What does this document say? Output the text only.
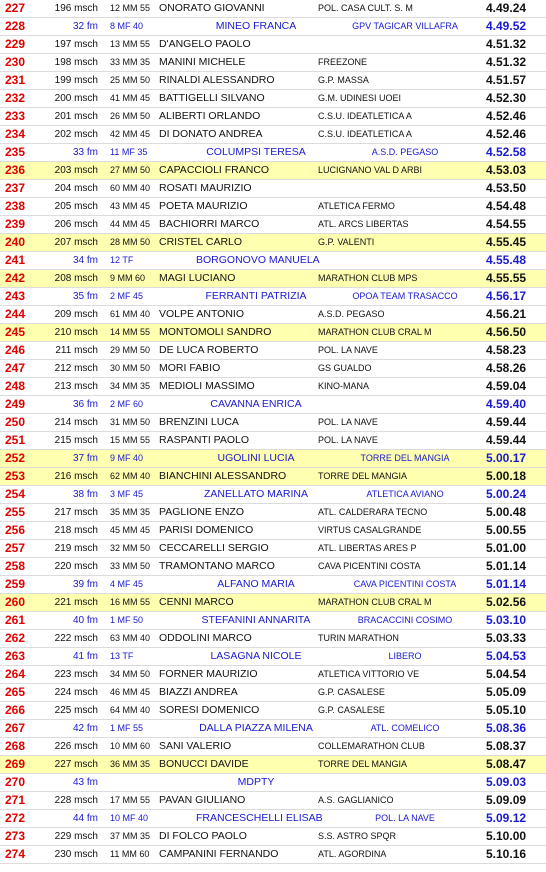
227	196 msch 12 MM 55 ONORATO GIOVANNI	POL. CASA CULT. S. M	4.49.24
228	32 fm 8 MF 40	MINEO FRANCA	GPV TAGICAR VILLAFRA	4.49.52
229	197 msch 13 MM 55 D'ANGELO PAOLO	4.51.32
230	198 msch 33 MM 35 MANINI MICHELE	FREEZONE	4.51.32
231	199 msch 25 MM 50 RINALDI ALESSANDRO	G.P. MASSA	4.51.57
232	200 msch 41 MM 45 BATTIGELLI SILVANO	G.M. UDINESI UOEI	4.52.30
233	201 msch 26 MM 50 ALIBERTI ORLANDO	C.S.U. IDEATLETICA A	4.52.46
234	202 msch 42 MM 45 DI DONATO ANDREA	C.S.U. IDEATLETICA A	4.52.46
235	33 fm 11 MF 35	COLUMPSI TERESA	A.S.D. PEGASO	4.52.58
236	203 msch 27 MM 50 CAPACCIOLI FRANCO	LUCIGNANO VAL D ARBI	4.53.03
237	204 msch 60 MM 40 ROSATI MAURIZIO	4.53.50
238	205 msch 43 MM 45 POETA MAURIZIO	ATLETICA FERMO	4.54.48
239	206 msch 44 MM 45 BACHIORRI MARCO	ATL. ARCS LIBERTAS	4.54.55
240	207 msch 28 MM 50 CRISTEL CARLO	G.P. VALENTI	4.55.45
241	34 fm 12 TF	BORGONOVO MANUELA	4.55.48
242	208 msch 9 MM 60	MAGI LUCIANO	MARATHON CLUB MPS	4.55.55
243	35 fm 2 MF 45	FERRANTI PATRIZIA	OPOA TEAM TRASACCO	4.56.17
244	209 msch 61 MM 40 VOLPE ANTONIO	A.S.D. PEGASO	4.56.21
245	210 msch 14 MM 55 MONTOMOLI SANDRO	MARATHON CLUB CRAL M	4.56.50
246	211 msch 29 MM 50 DE LUCA ROBERTO	POL. LA NAVE	4.58.23
247	212 msch 30 MM 50 MORI FABIO	GS GUALDO	4.58.26
248	213 msch 34 MM 35 MEDIOLI MASSIMO	KINO-MANA	4.59.04
249	36 fm 2 MF 60	CAVANNA ENRICA	4.59.40
250	214 msch 31 MM 50 BRENZINI LUCA	POL. LA NAVE	4.59.44
251	215 msch 15 MM 55 RASPANTI PAOLO	POL. LA NAVE	4.59.44
252	37 fm 9 MF 40	UGOLINI LUCIA	TORRE DEL MANGIA	5.00.17
253	216 msch 62 MM 40 BIANCHINI ALESSANDRO	TORRE DEL MANGIA	5.00.18
254	38 fm 3 MF 45	ZANELLATO MARINA	ATLETICA AVIANO	5.00.24
255	217 msch 35 MM 35 PAGLIONE ENZO	ATL. CALDERARA TECNO	5.00.48
256	218 msch 45 MM 45 PARISI DOMENICO	VIRTUS CASALGRANDE	5.00.55
257	219 msch 32 MM 50 CECCARELLI SERGIO	ATL. LIBERTAS ARES P	5.01.00
258	220 msch 33 MM 50 TRAMONTANO MARCO	CAVA PICENTINI COSTA	5.01.14
259	39 fm 4 MF 45	ALFANO MARIA	CAVA PICENTINI COSTA	5.01.14
260	221 msch 16 MM 55 CENNI MARCO	MARATHON CLUB CRAL M	5.02.56
261	40 fm 1 MF 50	STEFANINI ANNARITA	BRACACCINI COSIMO	5.03.10
262	222 msch 63 MM 40 ODDOLINI MARCO	TURIN MARATHON	5.03.33
263	41 fm 13 TF	LASAGNA NICOLE	LIBERO	5.04.53
264	223 msch 34 MM 50 FORNER MAURIZIO	ATLETICA VITTORIO VE	5.04.54
265	224 msch 46 MM 45 BIAZZI ANDREA	G.P. CASALESE	5.05.09
266	225 msch 64 MM 40 SORESI DOMENICO	G.P. CASALESE	5.05.10
267	42 fm 1 MF 55	DALLA PIAZZA MILENA	ATL. COMELICO	5.08.36
268	226 msch 10 MM 60 SANI VALERIO	COLLEMARATHON CLUB	5.08.37
269	227 msch 36 MM 35 BONUCCI DAVIDE	TORRE DEL MANGIA	5.08.47
270	43 fm	MDPTY	5.09.03
271	228 msch 17 MM 55 PAVAN GIULIANO	A.S. GAGLIANICO	5.09.09
272	44 fm 10 MF 40	FRANCESCHELLI ELISAB	POL. LA NAVE	5.09.12
273	229 msch 37 MM 35 DI FOLCO PAOLO	S.S. ASTRO SPQR	5.10.00
274	230 msch 11 MM 60 CAMPANINI FERNANDO	ATL. AGORDINA	5.10.16
